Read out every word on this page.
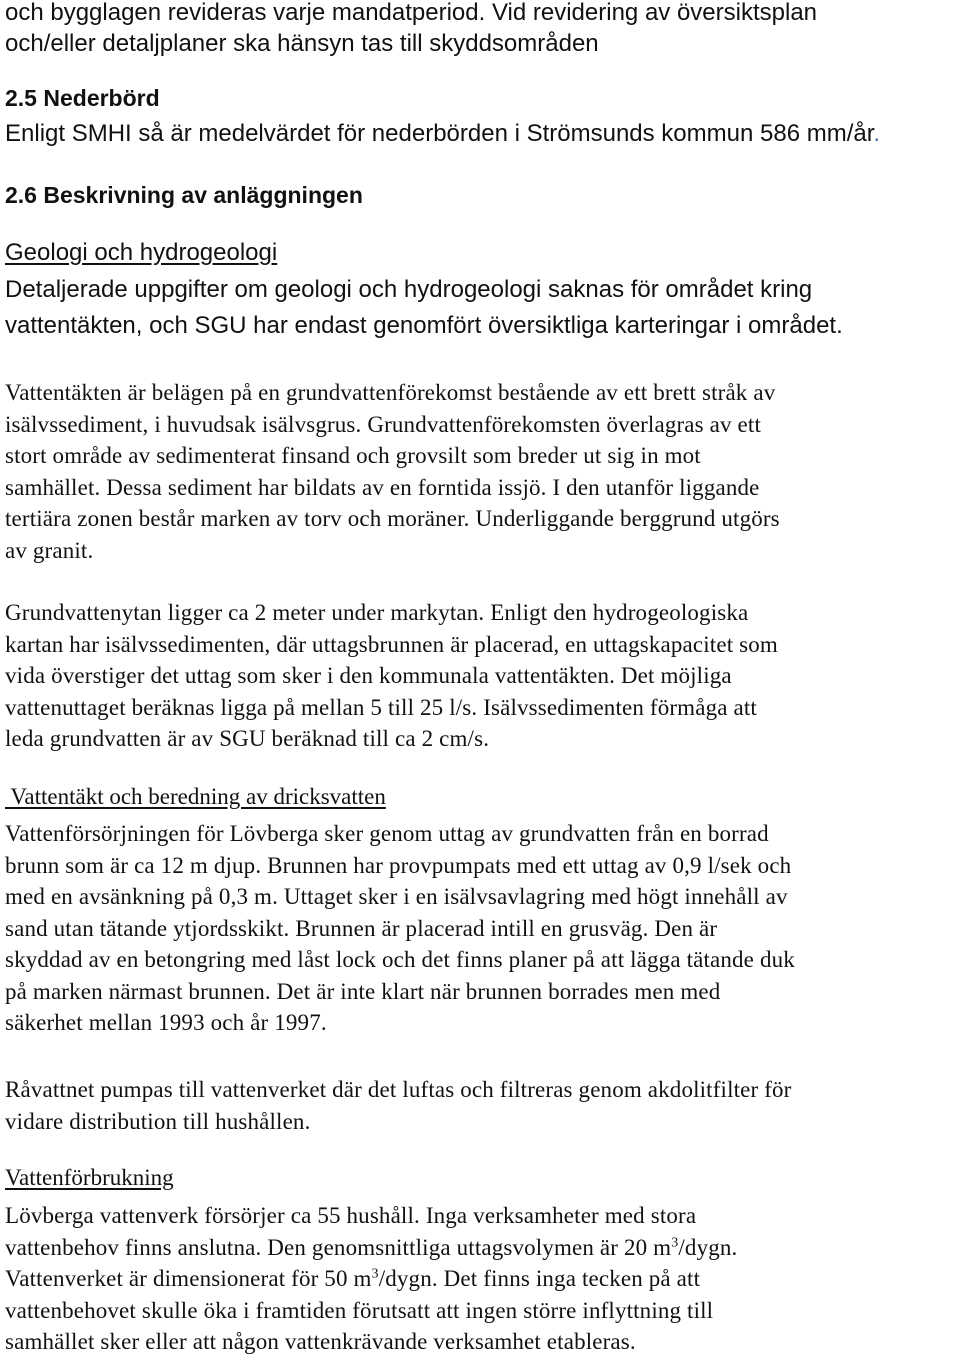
och bygglagen revideras varje mandatperiod. Vid revidering av översiktsplan

och/eller detaljplaner ska hänsyn tas till skyddsområden

2.5 Nederbörd

Enligt SMHI så är medelvärdet för nederbörden i Strömsunds kommun 586 mm/år.

2.6 Beskrivning av anläggningen

Geologi och hydrogeologi

Detaljerade uppgifter om geologi och hydrogeologi saknas för området kring

vattentäkten, och SGU har endast genomfört översiktliga karteringar i området.

Vattentäkten är belägen på en grundvattenförekomst bestående av ett brett stråk av

isälvssediment, i huvudsak isälvsgrus. Grundvattenförekomsten överlagras av ett

stort område av sedimenterat finsand och grovsilt som breder ut sig in mot

samhället. Dessa sediment har bildats av en forntida issjö. I den utanför liggande

tertiära zonen består marken av torv och moräner. Underliggande berggrund utgörs

av granit.

Grundvattenytan ligger ca 2 meter under markytan. Enligt den hydrogeologiska

kartan har isälvssedimenten, där uttagsbrunnen är placerad, en uttagskapacitet som

vida överstiger det uttag som sker i den kommunala vattentäkten. Det möjliga

vattenuttaget beräknas ligga på mellan 5 till 25 l/s. Isälvssedimenten förmåga att

leda grundvatten är av SGU beräknad till ca 2 cm/s.

Vattentäkt och beredning av dricksvatten

Vattenförsörjningen för Lövberga sker genom uttag av grundvatten från en borrad

brunn som är ca 12 m djup. Brunnen har provpumpats med ett uttag av 0,9 l/sek och

med en avsänkning på 0,3 m. Uttaget sker i en isälvsavlagring med högt innehåll av

sand utan tätande ytjordsskikt. Brunnen är placerad intill en grusväg. Den är

skyddad av en betongring med låst lock och det finns planer på att lägga tätande duk

på marken närmast brunnen. Det är inte klart när brunnen borrades men med

säkerhet mellan 1993 och år 1997.

Råvattnet pumpas till vattenverket där det luftas och filtreras genom akdolitfilter för

vidare distribution till hushållen.

Vattenförbrukning

Lövberga vattenverk försörjer ca 55 hushåll. Inga verksamheter med stora

vattenbehov finns anslutna. Den genomsnittliga uttagsvolymen är 20 $m^3$/dygn.

Vattenverket är dimensionerat för 50 $m^3$/dygn. Det finns inga tecken på att

vattenbehovet skulle öka i framtiden förutsatt att ingen större inflyttning till

samhället sker eller att någon vattenkrävande verksamhet etableras.
